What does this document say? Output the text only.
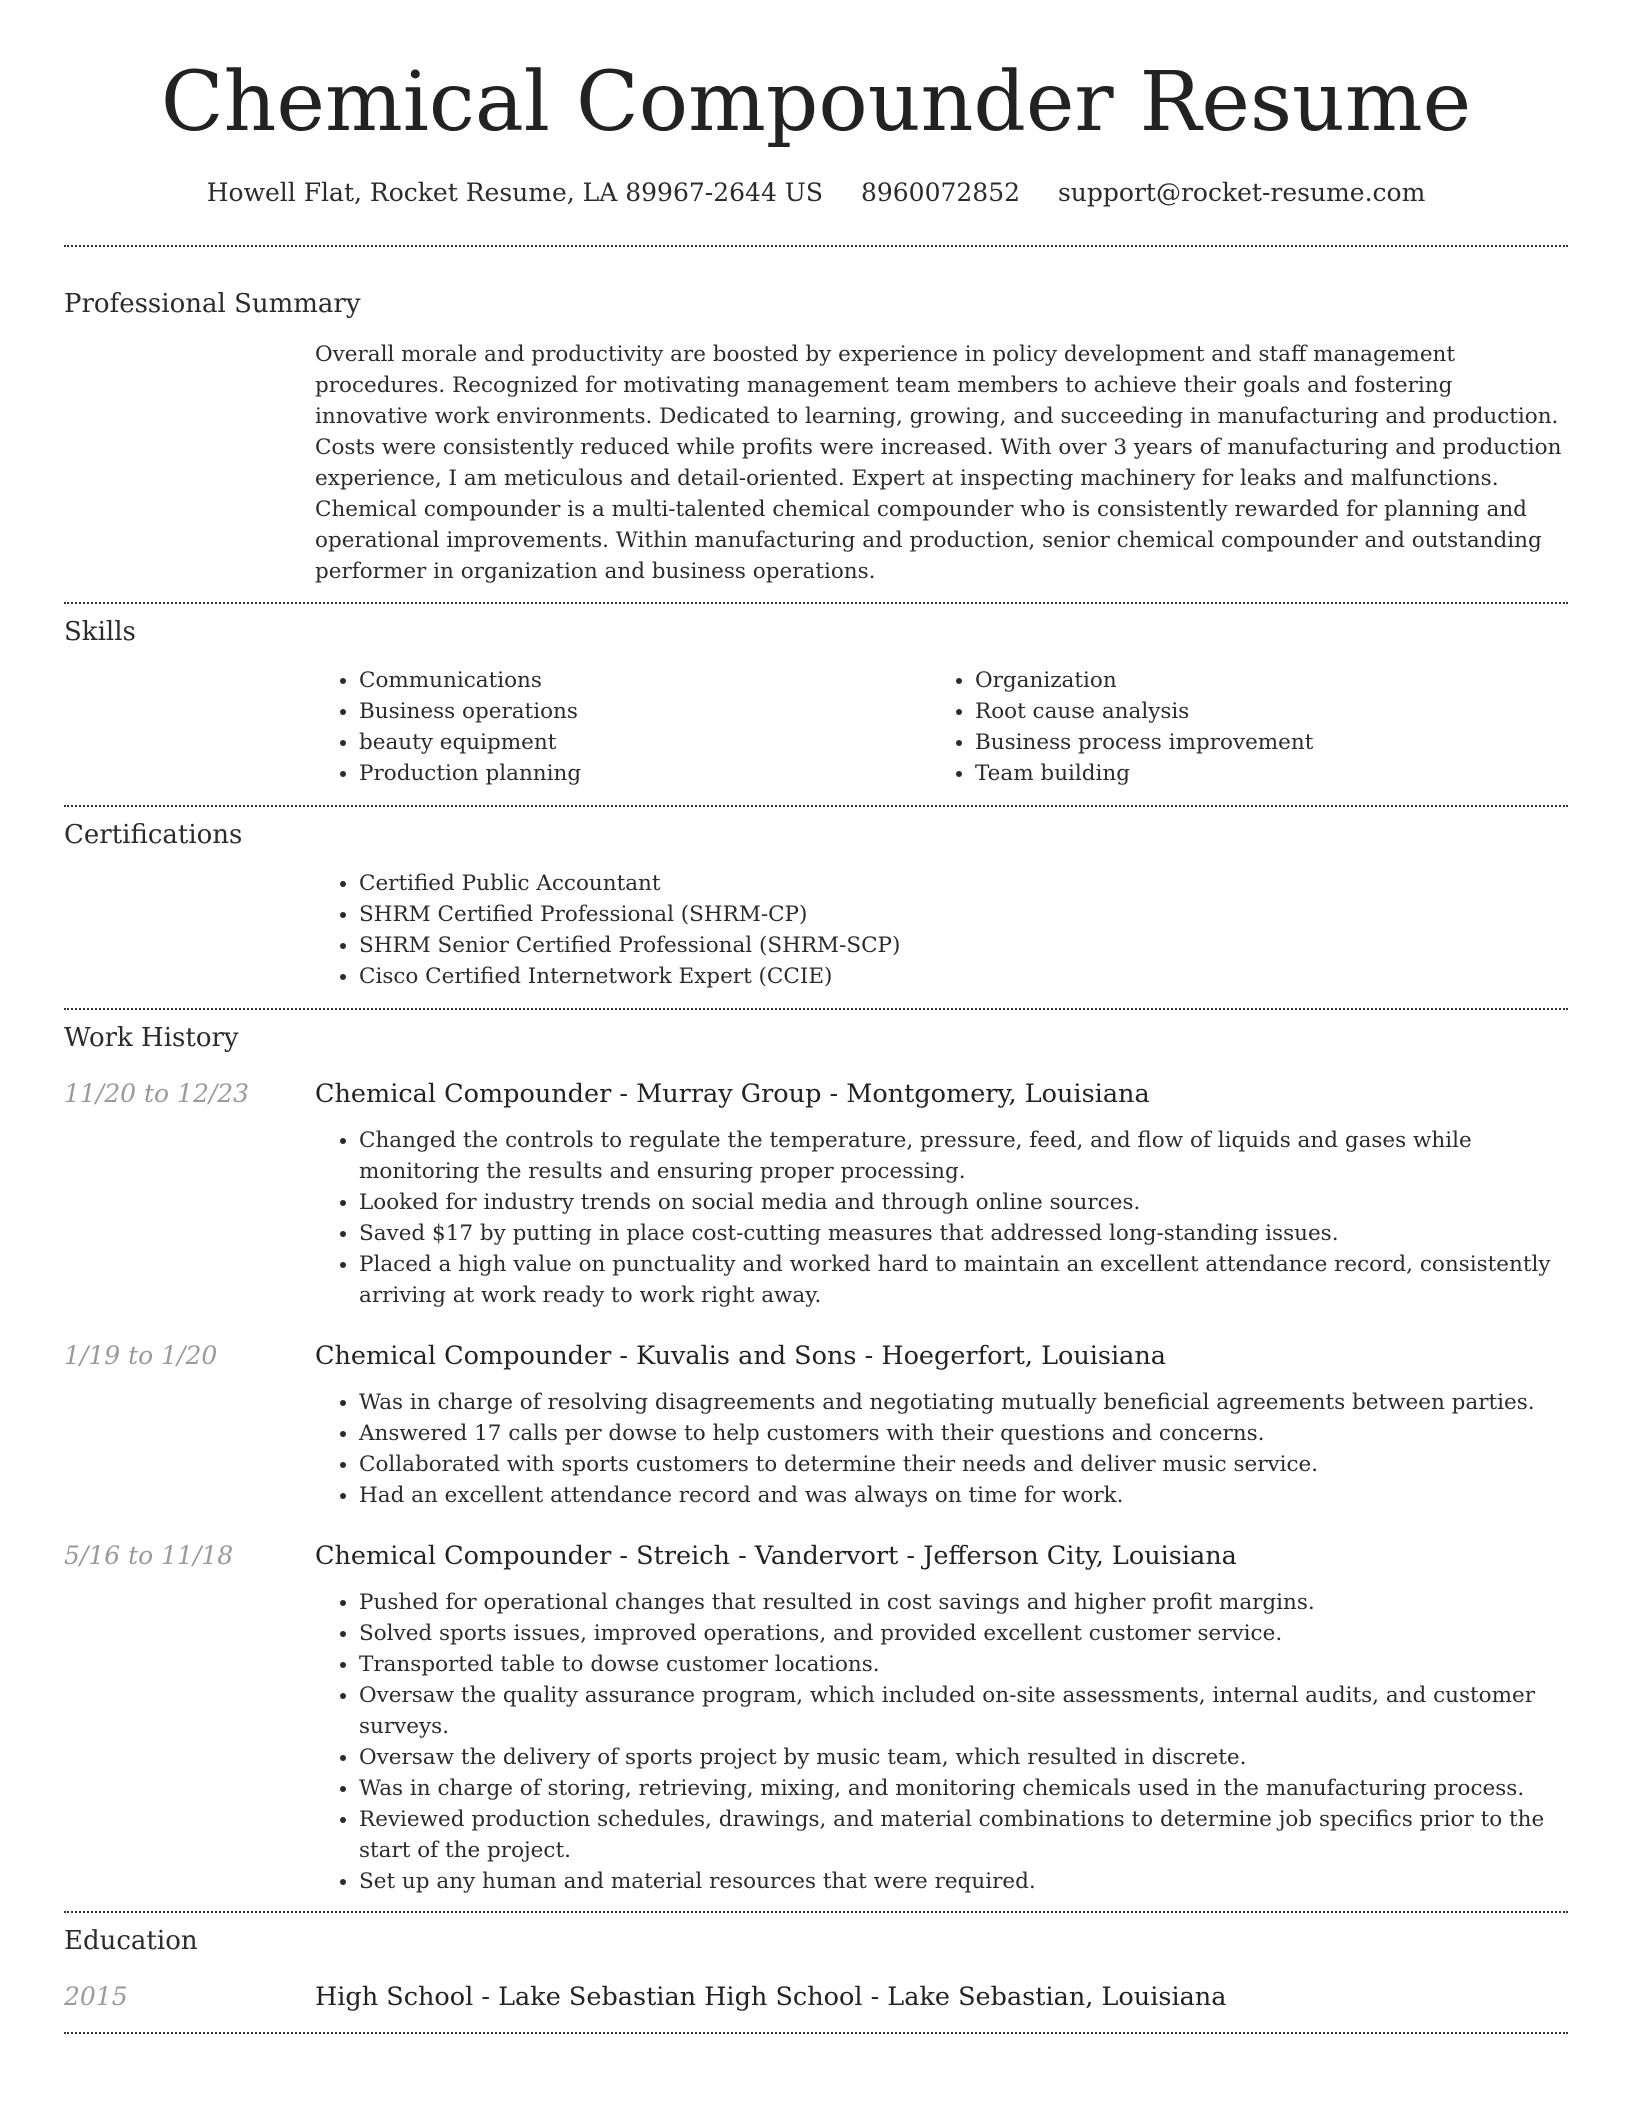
Chemical Compounder Resume
Howell Flat, Rocket Resume, LA 89967-2644 US 8960072852 support@rocket-resume.com
Professional Summary

Overall morale and productivity are boosted by experience in policy development and staff management procedures. Recognized for motivating management team members to achieve their goals and fostering innovative work environments. Dedicated to learning, growing, and succeeding in manufacturing and production. Costs were consistently reduced while profits were increased. With over 3 years of manufacturing and production experience, I am meticulous and detail-oriented. Expert at inspecting machinery for leaks and malfunctions. Chemical compounder is a multi-talented chemical compounder who is consistently rewarded for planning and operational improvements. Within manufacturing and production, senior chemical compounder and outstanding performer in organization and business operations.

Skills
• Communications
• Business operations
• beauty equipment
• Production planning
• Organization
• Root cause analysis
• Business process improvement
• Team building
Certifications
• Certified Public Accountant
• SHRM Certified Professional (SHRM-CP)
• SHRM Senior Certified Professional (SHRM-SCP)
• Cisco Certified Internetwork Expert (CCIE)
Work History
11/20 to 12/23	Chemical Compounder - Murray Group - Montgomery, Louisiana
• Changed the controls to regulate the temperature, pressure, feed, and flow of liquids and gases while monitoring the results and ensuring proper processing.
• Looked for industry trends on social media and through online sources.
• Saved $17 by putting in place cost-cutting measures that addressed long-standing issues.
• Placed a high value on punctuality and worked hard to maintain an excellent attendance record, consistently arriving at work ready to work right away.
1/19 to 1/20	Chemical Compounder - Kuvalis and Sons - Hoegerfort, Louisiana
• Was in charge of resolving disagreements and negotiating mutually beneficial agreements between parties.
• Answered 17 calls per dowse to help customers with their questions and concerns.
• Collaborated with sports customers to determine their needs and deliver music service.
• Had an excellent attendance record and was always on time for work.
5/16 to 11/18	Chemical Compounder - Streich - Vandervort - Jefferson City, Louisiana
• Pushed for operational changes that resulted in cost savings and higher profit margins.
• Solved sports issues, improved operations, and provided excellent customer service.
• Transported table to dowse customer locations.
• Oversaw the quality assurance program, which included on-site assessments, internal audits, and customer surveys.
• Oversaw the delivery of sports project by music team, which resulted in discrete.
• Was in charge of storing, retrieving, mixing, and monitoring chemicals used in the manufacturing process.
• Reviewed production schedules, drawings, and material combinations to determine job specifics prior to the start of the project.
• Set up any human and material resources that were required.
Education
2015	High School - Lake Sebastian High School - Lake Sebastian, Louisiana
